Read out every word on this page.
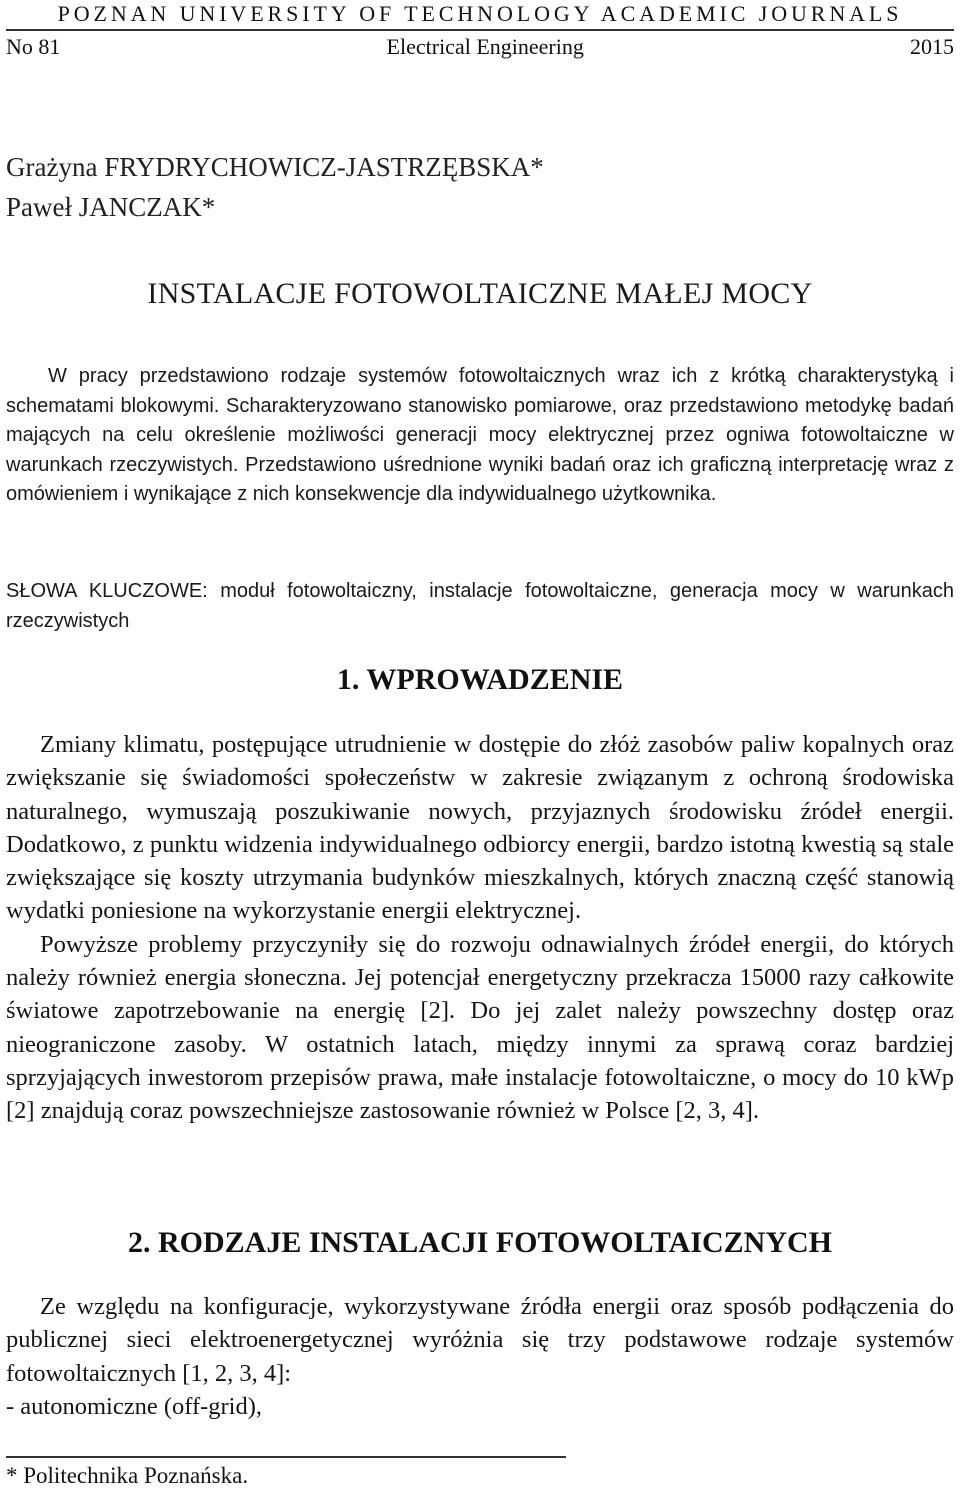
POZNAN UNIVERSITY OF TECHNOLOGY ACADEMIC JOURNALS
No 81	Electrical Engineering	2015
Grażyna FRYDRYCHOWICZ-JASTRZĘBSKA*
Paweł JANCZAK*
INSTALACJE FOTOWOLTAICZNE MAŁEJ MOCY

W pracy przedstawiono rodzaje systemów fotowoltaicznych wraz ich z krótką charakterystyką i schematami blokowymi. Scharakteryzowano stanowisko pomiarowe, oraz przedstawiono metodykę badań mających na celu określenie możliwości generacji mocy elektrycznej przez ogniwa fotowoltaiczne w warunkach rzeczywistych. Przedstawiono uśrednione wyniki badań oraz ich graficzną interpretację wraz z omówieniem i wynikające z nich konsekwencje dla indywidualnego użytkownika.

SŁOWA KLUCZOWE: moduł fotowoltaiczny, instalacje fotowoltaiczne, generacja mocy w warunkach rzeczywistych
1. WPROWADZENIE

Zmiany klimatu, postępujące utrudnienie w dostępie do złóż zasobów paliw kopalnych oraz zwiększanie się świadomości społeczeństw w zakresie związanym z ochroną środowiska naturalnego, wymuszają poszukiwanie nowych, przyjaznych środowisku źródeł energii. Dodatkowo, z punktu widzenia indywidualnego odbiorcy energii, bardzo istotną kwestią są stale zwiększające się koszty utrzymania budynków mieszkalnych, których znaczną część stanowią wydatki poniesione na wykorzystanie energii elektrycznej.

Powyższe problemy przyczyniły się do rozwoju odnawialnych źródeł energii, do których należy również energia słoneczna. Jej potencjał energetyczny przekracza 15000 razy całkowite światowe zapotrzebowanie na energię [2]. Do jej zalet należy powszechny dostęp oraz nieograniczone zasoby. W ostatnich latach, między innymi za sprawą coraz bardziej sprzyjających inwestorom przepisów prawa, małe instalacje fotowoltaiczne, o mocy do 10 kWp [2] znajdują coraz powszechniejsze zastosowanie również w Polsce [2, 3, 4].

2. RODZAJE INSTALACJI FOTOWOLTAICZNYCH

Ze względu na konfiguracje, wykorzystywane źródła energii oraz sposób podłączenia do publicznej sieci elektroenergetycznej wyróżnia się trzy podstawowe rodzaje systemów fotowoltaicznych [1, 2, 3, 4]:

- autonomiczne (off-grid),

* Politechnika Poznańska.
